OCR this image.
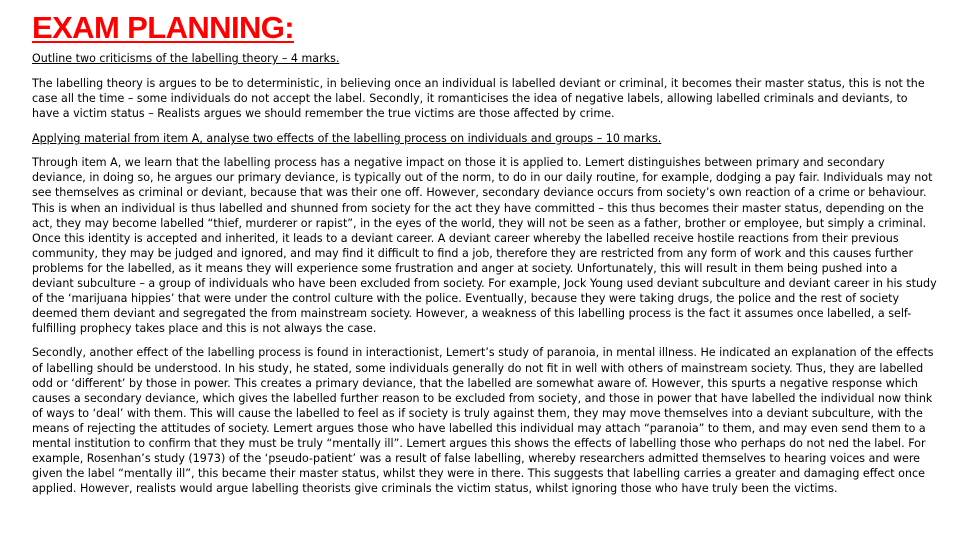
EXAM PLANNING:

Outline two criticisms of the labelling theory – 4 marks.

The labelling theory is argues to be to deterministic, in believing once an individual is labelled deviant or criminal, it becomes their master status, this is not the case all the time – some individuals do not accept the label. Secondly, it romanticises the idea of negative labels, allowing labelled criminals and deviants, to have a victim status – Realists argues we should remember the true victims are those affected by crime.

Applying material from item A, analyse two effects of the labelling process on individuals and groups – 10 marks.

Through item A, we learn that the labelling process has a negative impact on those it is applied to. Lemert distinguishes between primary and secondary deviance, in doing so, he argues our primary deviance, is typically out of the norm, to do in our daily routine, for example, dodging a pay fair. Individuals may not see themselves as criminal or deviant, because that was their one off. However, secondary deviance occurs from society’s own reaction of a crime or behaviour. This is when an individual is thus labelled and shunned from society for the act they have committed – this thus becomes their master status, depending on the act, they may become labelled “thief, murderer or rapist”, in the eyes of the world, they will not be seen as a father, brother or employee, but simply a criminal. Once this identity is accepted and inherited, it leads to a deviant career. A deviant career whereby the labelled receive hostile reactions from their previous community, they may be judged and ignored, and may find it difficult to find a job, therefore they are restricted from any form of work and this causes further problems for the labelled, as it means they will experience some frustration and anger at society. Unfortunately, this will result in them being pushed into a deviant subculture – a group of individuals who have been excluded from society. For example, Jock Young used deviant subculture and deviant career in his study of the ‘marijuana hippies’ that were under the control culture with the police. Eventually, because they were taking drugs, the police and the rest of society deemed them deviant and segregated the from mainstream society. However, a weakness of this labelling process is the fact it assumes once labelled, a self-fulfilling prophecy takes place and this is not always the case.

Secondly, another effect of the labelling process is found in interactionist, Lemert’s study of paranoia, in mental illness. He indicated an explanation of the effects of labelling should be understood. In his study, he stated, some individuals generally do not fit in well with others of mainstream society. Thus, they are labelled odd or ‘different’ by those in power. This creates a primary deviance, that the labelled are somewhat aware of. However, this spurts a negative response which causes a secondary deviance, which gives the labelled further reason to be excluded from society, and those in power that have labelled the individual now think of ways to ‘deal’ with them. This will cause the labelled to feel as if society is truly against them, they may move themselves into a deviant subculture, with the means of rejecting the attitudes of society. Lemert argues those who have labelled this individual may attach “paranoia” to them, and may even send them to a mental institution to confirm that they must be truly “mentally ill”. Lemert argues this shows the effects of labelling those who perhaps do not ned the label. For example, Rosenhan’s study (1973) of the ‘pseudo-patient’ was a result of false labelling, whereby researchers admitted themselves to hearing voices and were given the label “mentally ill”, this became their master status, whilst they were in there. This suggests that labelling carries a greater and damaging effect once applied. However, realists would argue labelling theorists give criminals the victim status, whilst ignoring those who have truly been the victims.
